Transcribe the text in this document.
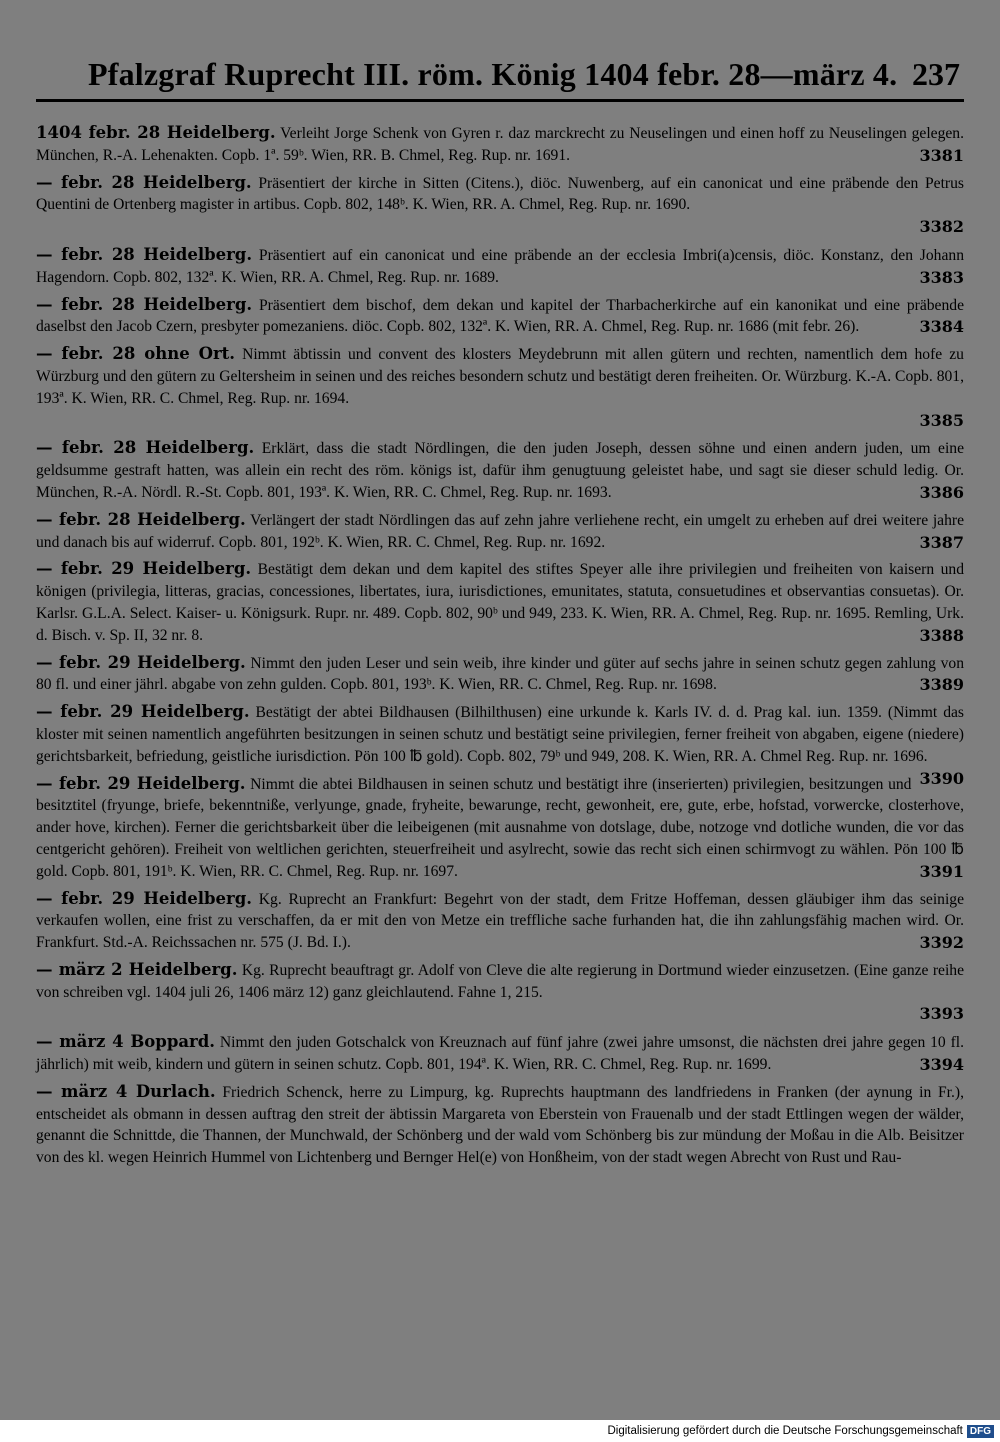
Pfalzgraf Ruprecht III. röm. König 1404 febr. 28—märz 4. 237
1404 febr. 28 Heidelberg. Verleiht Jorge Schenk von Gyren r. daz marckrecht zu Neuselingen und einen hoff zu Neuselingen gelegen. München, R.-A. Lehenakten. Copb. 1ª. 59ᵇ. Wien, RR. B. Chmel, Reg. Rup. nr. 1691.	3381
— febr. 28 Heidelberg. Präsentiert der kirche in Sitten (Citens.), diöc. Nuwenberg, auf ein canonicat und eine präbende den Petrus Quentini de Ortenberg magister in artibus. Copb. 802, 148ᵇ. K. Wien, RR. A. Chmel, Reg. Rup. nr. 1690.
3382
— febr. 28 Heidelberg. Präsentiert auf ein canonicat und eine präbende an der ecclesia Imbri(a)censis, diöc. Konstanz, den Johann Hagendorn. Copb. 802, 132ª. K. Wien, RR. A. Chmel, Reg. Rup. nr. 1689.	3383
— febr. 28 Heidelberg. Präsentiert dem bischof, dem dekan und kapitel der Tharbacherkirche auf ein kanonikat und eine präbende daselbst den Jacob Czern, presbyter pomezaniens. diöc. Copb. 802, 132ª. K. Wien, RR. A. Chmel, Reg. Rup. nr. 1686 (mit febr. 26).	3384
— febr. 28 ohne Ort. Nimmt äbtissin und convent des klosters Meydebrunn mit allen gütern und rechten, namentlich dem hofe zu Würzburg und den gütern zu Geltersheim in seinen und des reiches besondern schutz und bestätigt deren freiheiten. Or. Würzburg. K.-A. Copb. 801, 193ª. K. Wien, RR. C. Chmel, Reg. Rup. nr. 1694.
3385
— febr. 28 Heidelberg. Erklärt, dass die stadt Nördlingen, die den juden Joseph, dessen söhne und einen andern juden, um eine geldsumme gestraft hatten, was allein ein recht des röm. königs ist, dafür ihm genugtuung geleistet habe, und sagt sie dieser schuld ledig. Or. München, R.-A. Nördl. R.-St. Copb. 801, 193ª. K. Wien, RR. C. Chmel, Reg. Rup. nr. 1693.	3386
— febr. 28 Heidelberg. Verlängert der stadt Nördlingen das auf zehn jahre verliehene recht, ein umgelt zu erheben auf drei weitere jahre und danach bis auf widerruf. Copb. 801, 192ᵇ. K. Wien, RR. C. Chmel, Reg. Rup. nr. 1692.	3387
— febr. 29 Heidelberg. Bestätigt dem dekan und dem kapitel des stiftes Speyer alle ihre privilegien und freiheiten von kaisern und königen (privilegia, litteras, gracias, concessiones, libertates, iura, iurisdictiones, emunitates, statuta, consuetudines et observantias consuetas). Or. Karlsr. G.L.A. Select. Kaiser- u. Königsurk. Rupr. nr. 489. Copb. 802, 90ᵇ und 949, 233. K. Wien, RR. A. Chmel, Reg. Rup. nr. 1695. Remling, Urk. d. Bisch. v. Sp. II, 32 nr. 8.	3388
— febr. 29 Heidelberg. Nimmt den juden Leser und sein weib, ihre kinder und güter auf sechs jahre in seinen schutz gegen zahlung von 80 fl. und einer jährl. abgabe von zehn gulden. Copb. 801, 193ᵇ. K. Wien, RR. C. Chmel, Reg. Rup. nr. 1698.	3389
— febr. 29 Heidelberg. Bestätigt der abtei Bildhausen (Bilhilthusen) eine urkunde k. Karls IV. d. d. Prag kal. iun. 1359. (Nimmt das kloster mit seinen namentlich angeführten besitzungen in seinen schutz und bestätigt seine privilegien, ferner freiheit von abgaben, eigene (niedere) gerichtsbarkeit, befriedung, geistliche iurisdiction. Pön 100 ℔ gold). Copb. 802, 79ᵇ und 949, 208. K. Wien, RR. A. Chmel Reg. Rup. nr. 1696.
3390
— febr. 29 Heidelberg. Nimmt die abtei Bildhausen in seinen schutz und bestätigt ihre (inserierten) privilegien, besitzungen und besitztitel (fryunge, briefe, bekenntniße, verlyunge, gnade, fryheite, bewarunge, recht, gewonheit, ere, gute, erbe, hofstad, vorwercke, closterhove, ander hove, kirchen). Ferner die gerichtsbarkeit über die leibeigenen (mit ausnahme von dotslage, dube, notzoge vnd dotliche wunden, die vor das centgericht gehören). Freiheit von weltlichen gerichten, steuerfreiheit und asylrecht, sowie das recht sich einen schirmvogt zu wählen. Pön 100 ℔ gold. Copb. 801, 191ᵇ. K. Wien, RR. C. Chmel, Reg. Rup. nr. 1697.	3391
— febr. 29 Heidelberg. Kg. Ruprecht an Frankfurt: Begehrt von der stadt, dem Fritze Hoffeman, dessen gläubiger ihm das seinige verkaufen wollen, eine frist zu verschaffen, da er mit den von Metze ein treffliche sache furhanden hat, die ihn zahlungsfähig machen wird. Or. Frankfurt. Std.-A. Reichssachen nr. 575 (J. Bd. I.).	3392
— märz 2 Heidelberg. Kg. Ruprecht beauftragt gr. Adolf von Cleve die alte regierung in Dortmund wieder einzusetzen. (Eine ganze reihe von schreiben vgl. 1404 juli 26, 1406 märz 12) ganz gleichlautend. Fahne 1, 215.
3393
— märz 4 Boppard. Nimmt den juden Gotschalck von Kreuznach auf fünf jahre (zwei jahre umsonst, die nächsten drei jahre gegen 10 fl. jährlich) mit weib, kindern und gütern in seinen schutz. Copb. 801, 194ª. K. Wien, RR. C. Chmel, Reg. Rup. nr. 1699.	3394
— märz 4 Durlach. Friedrich Schenck, herre zu Limpurg, kg. Ruprechts hauptmann des landfriedens in Franken (der aynung in Fr.), entscheidet als obmann in dessen auftrag den streit der äbtissin Margareta von Eberstein von Frauenalb und der stadt Ettlingen wegen der wälder, genannt die Schnittde, die Thannen, der Munchwald, der Schönberg und der wald vom Schönberg bis zur mündung der Moßau in die Alb. Beisitzer von des kl. wegen Heinrich Hummel von Lichtenberg und Bernger Hel(e) von Honßheim, von der stadt wegen Abrecht von Rust und Rau-
Digitalisierung gefördert durch die Deutsche Forschungsgemeinschaft DFG
